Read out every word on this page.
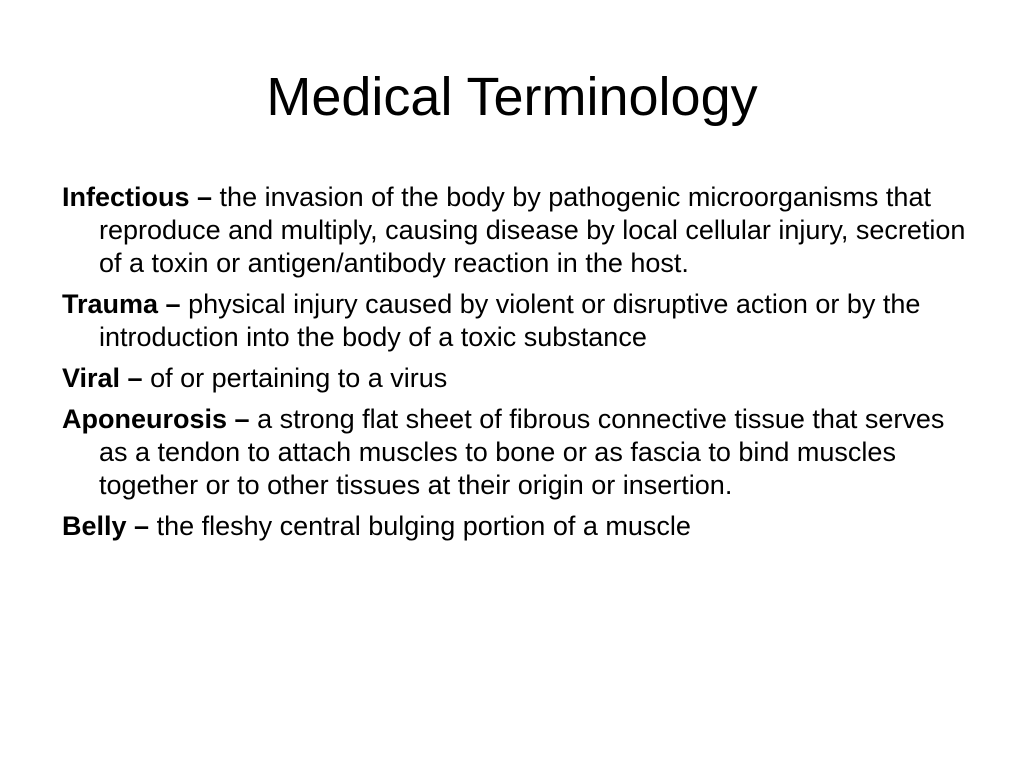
Medical Terminology
Infectious – the invasion of the body by pathogenic microorganisms that reproduce and multiply, causing disease by local cellular injury, secretion of a toxin or antigen/antibody reaction in the host.
Trauma – physical injury caused by violent or disruptive action or by the introduction into the body of a toxic substance
Viral – of or pertaining to a virus
Aponeurosis – a strong flat sheet of fibrous connective tissue that serves as a tendon to attach muscles to bone or as fascia to bind muscles together or to other tissues at their origin or insertion.
Belly – the fleshy central bulging portion of a muscle
